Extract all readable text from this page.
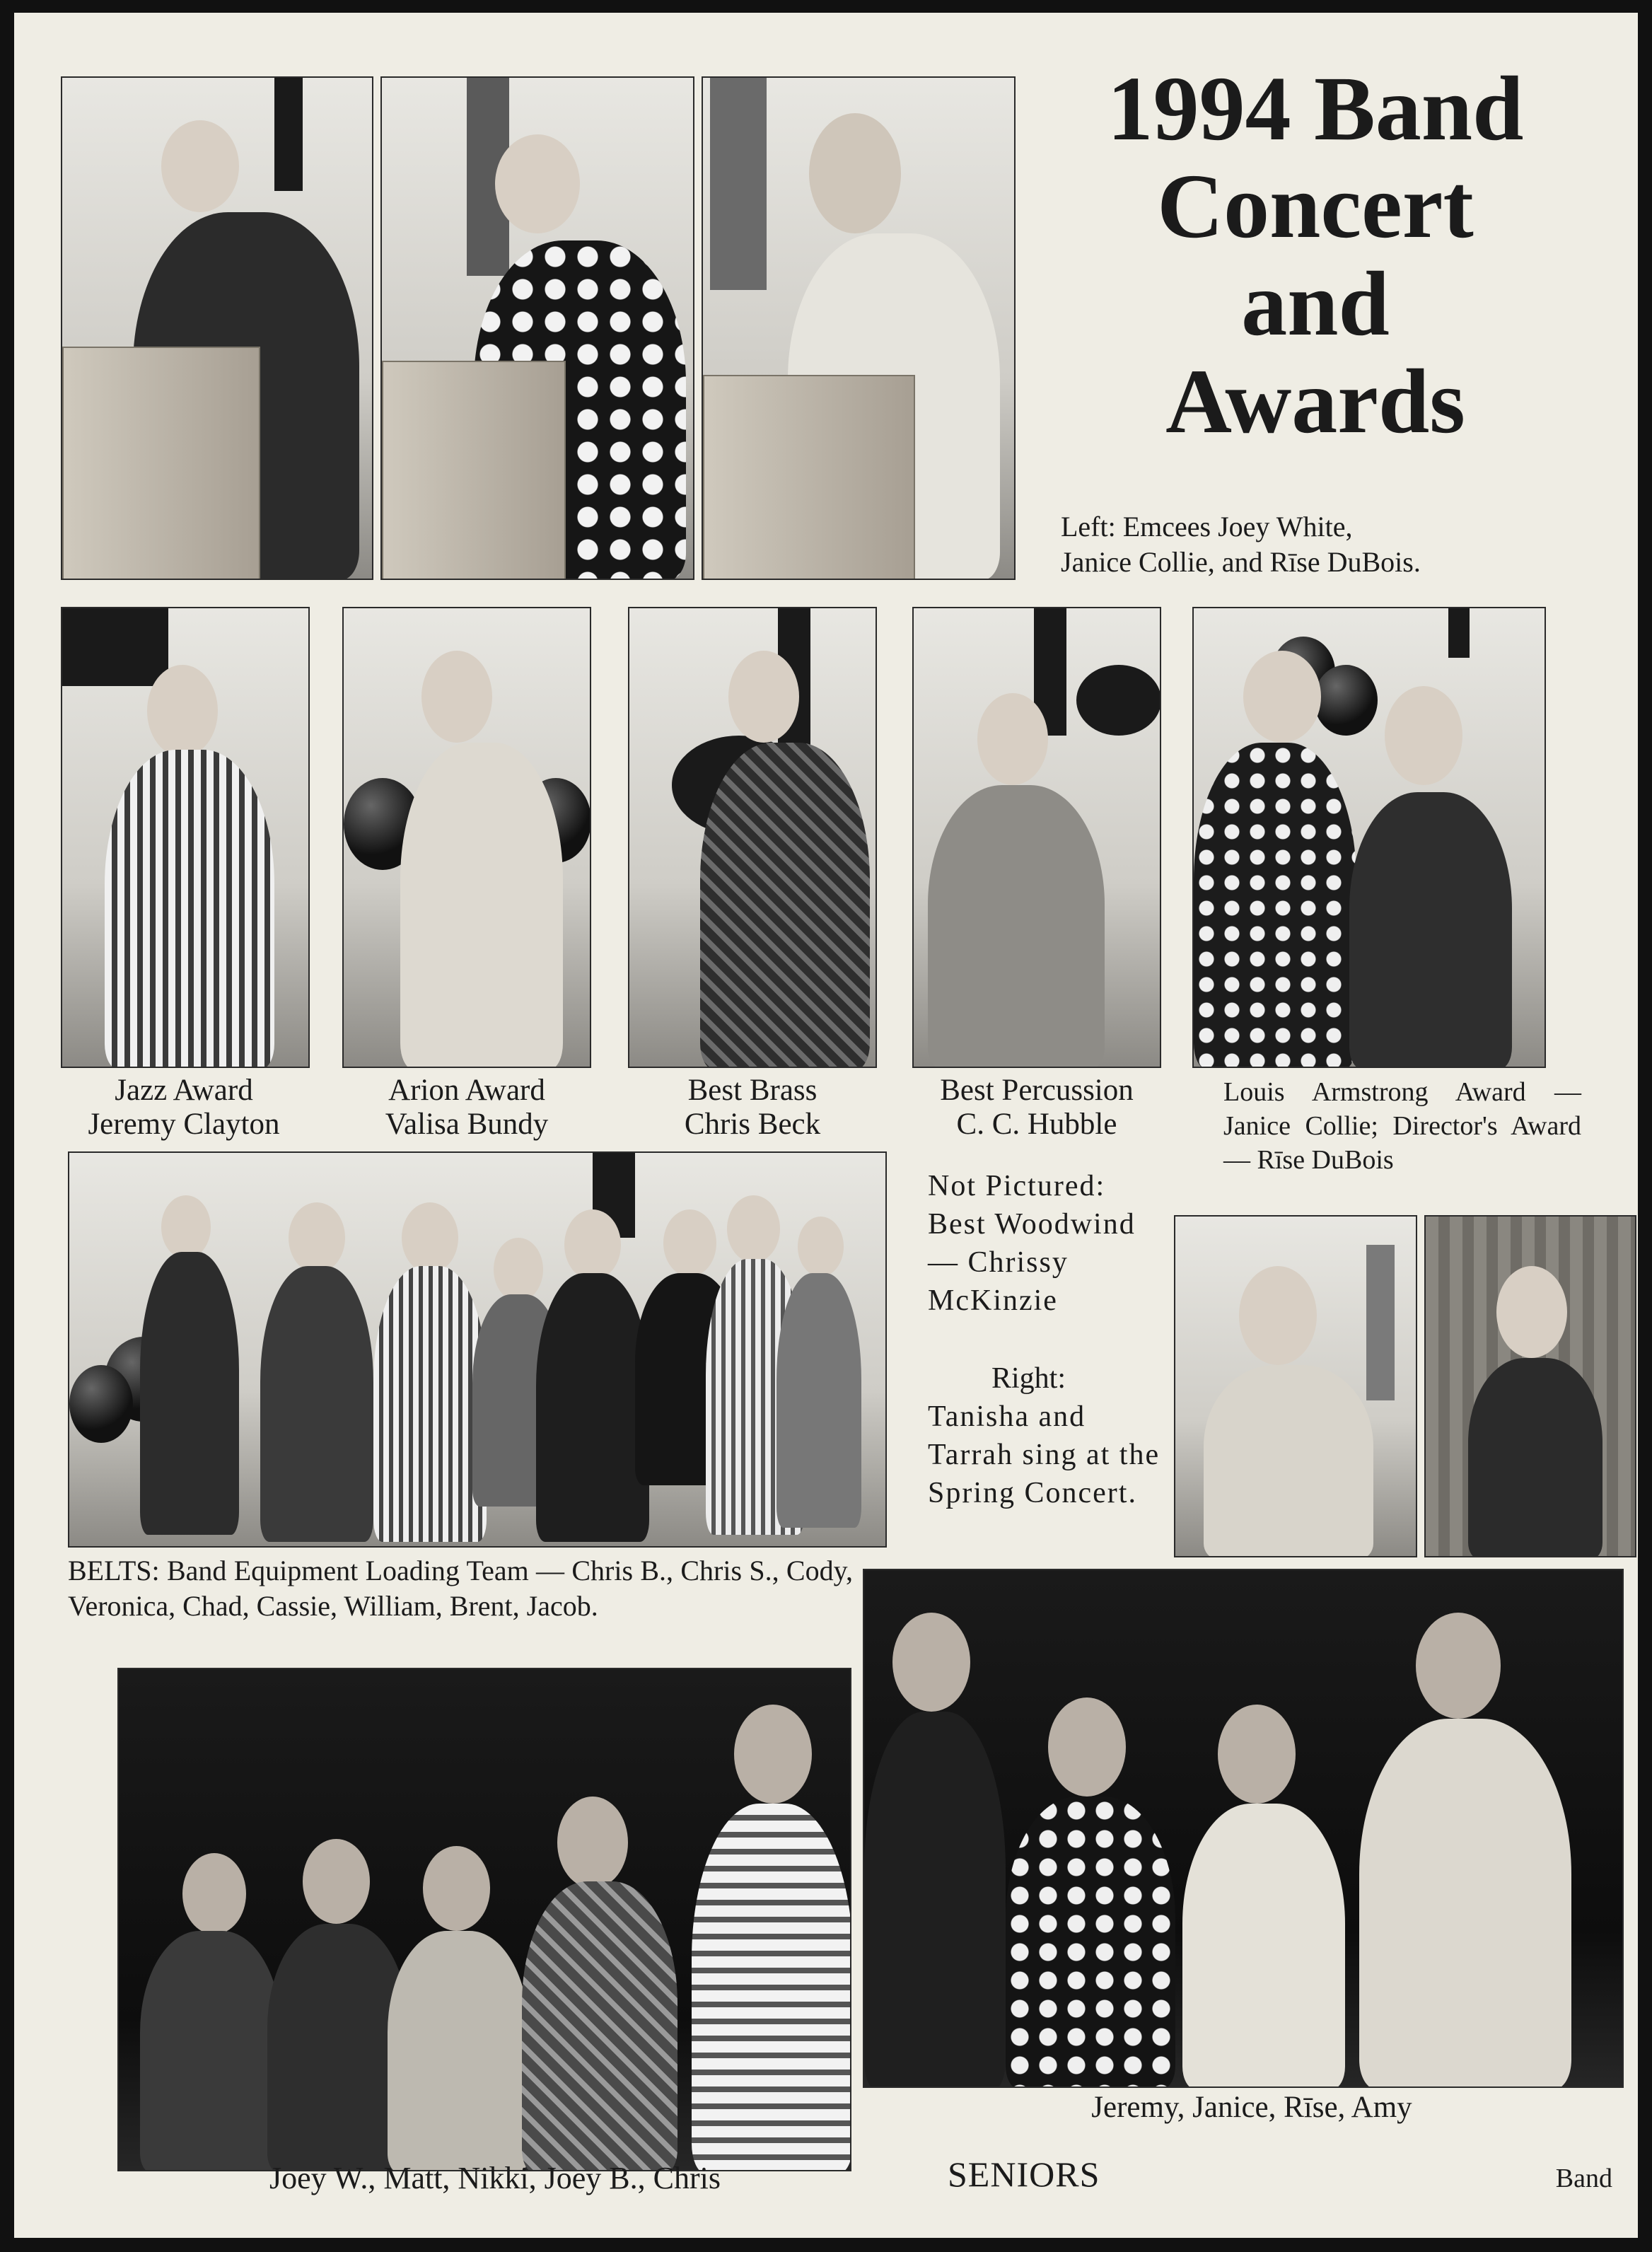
1994 Band

Concert

and

Awards

Left: Emcees Joey White,

Janice Collie, and Rīse DuBois.

Jazz Award

Jeremy Clayton

Arion Award

Valisa Bundy

Best Brass

Chris Beck

Best Percussion

C. C. Hubble

Louis Armstrong Award — Janice Collie; Director's Award — Rīse DuBois

BELTS: Band Equipment Loading Team — Chris B., Chris S., Cody, Veronica, Chad, Cassie, William, Brent, Jacob.

Not Pictured: Best Woodwind — Chrissy McKinzie

Right:

Tanisha and Tarrah sing at the Spring Concert.

Jeremy, Janice, Rīse, Amy

Joey W., Matt, Nikki, Joey B., Chris	SENIORS	Band
